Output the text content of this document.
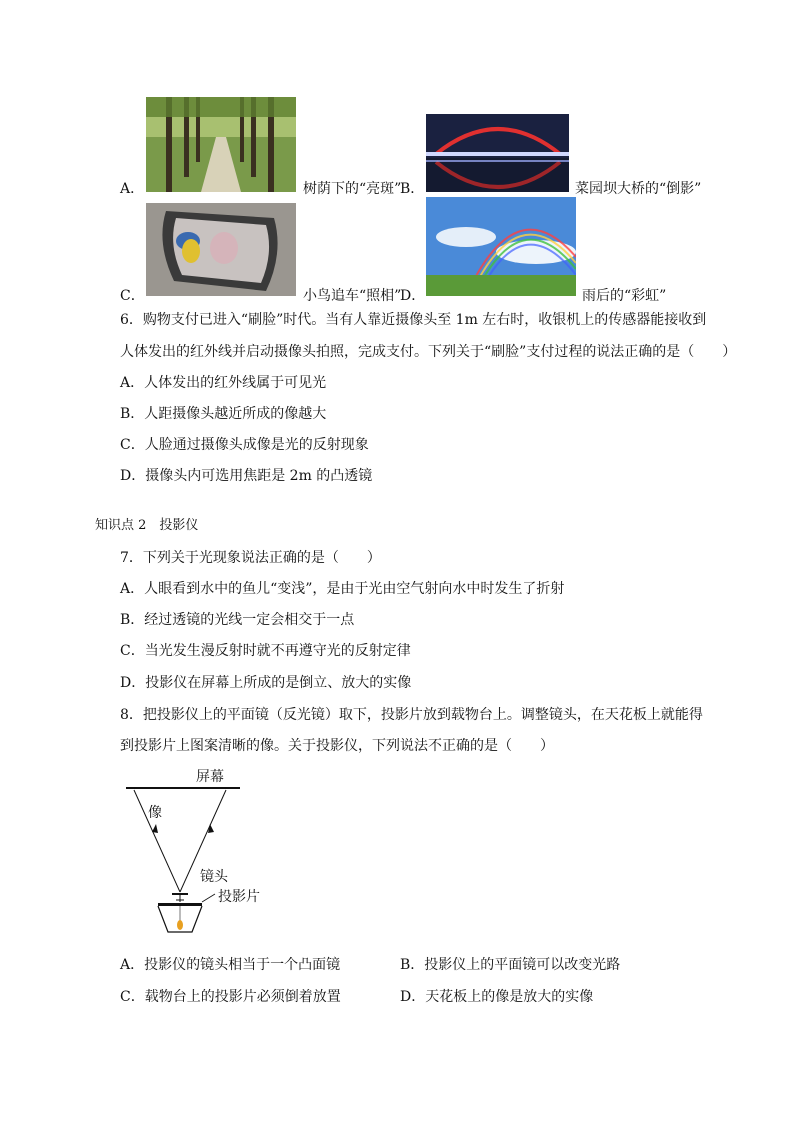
A．	树荫下的“亮斑”
B．	菜园坝大桥的“倒影”
C．	小鸟追车“照相”
D．	雨后的“彩虹”
6．购物支付已进入“刷脸”时代。当有人靠近摄像头至 1m 左右时，收银机上的传感器能接收到
人体发出的红外线并启动摄像头拍照，完成支付。下列关于“刷脸”支付过程的说法正确的是（　　）
A．人体发出的红外线属于可见光
B．人距摄像头越近所成的像越大
C．人脸通过摄像头成像是光的反射现象
D．摄像头内可选用焦距是 2m 的凸透镜
知识点 2　投影仪
7．下列关于光现象说法正确的是（　　）
A．人眼看到水中的鱼儿“变浅”，是由于光由空气射向水中时发生了折射
B．经过透镜的光线一定会相交于一点
C．当光发生漫反射时就不再遵守光的反射定律
D．投影仪在屏幕上所成的是倒立、放大的实像
8．把投影仪上的平面镜（反光镜）取下，投影片放到载物台上。调整镜头，在天花板上就能得
到投影片上图案清晰的像。关于投影仪，下列说法不正确的是（　　）
屏幕
像
镜头
投影片
A．投影仪的镜头相当于一个凸面镜	B．投影仪上的平面镜可以改变光路
C．载物台上的投影片必须倒着放置	D．天花板上的像是放大的实像
